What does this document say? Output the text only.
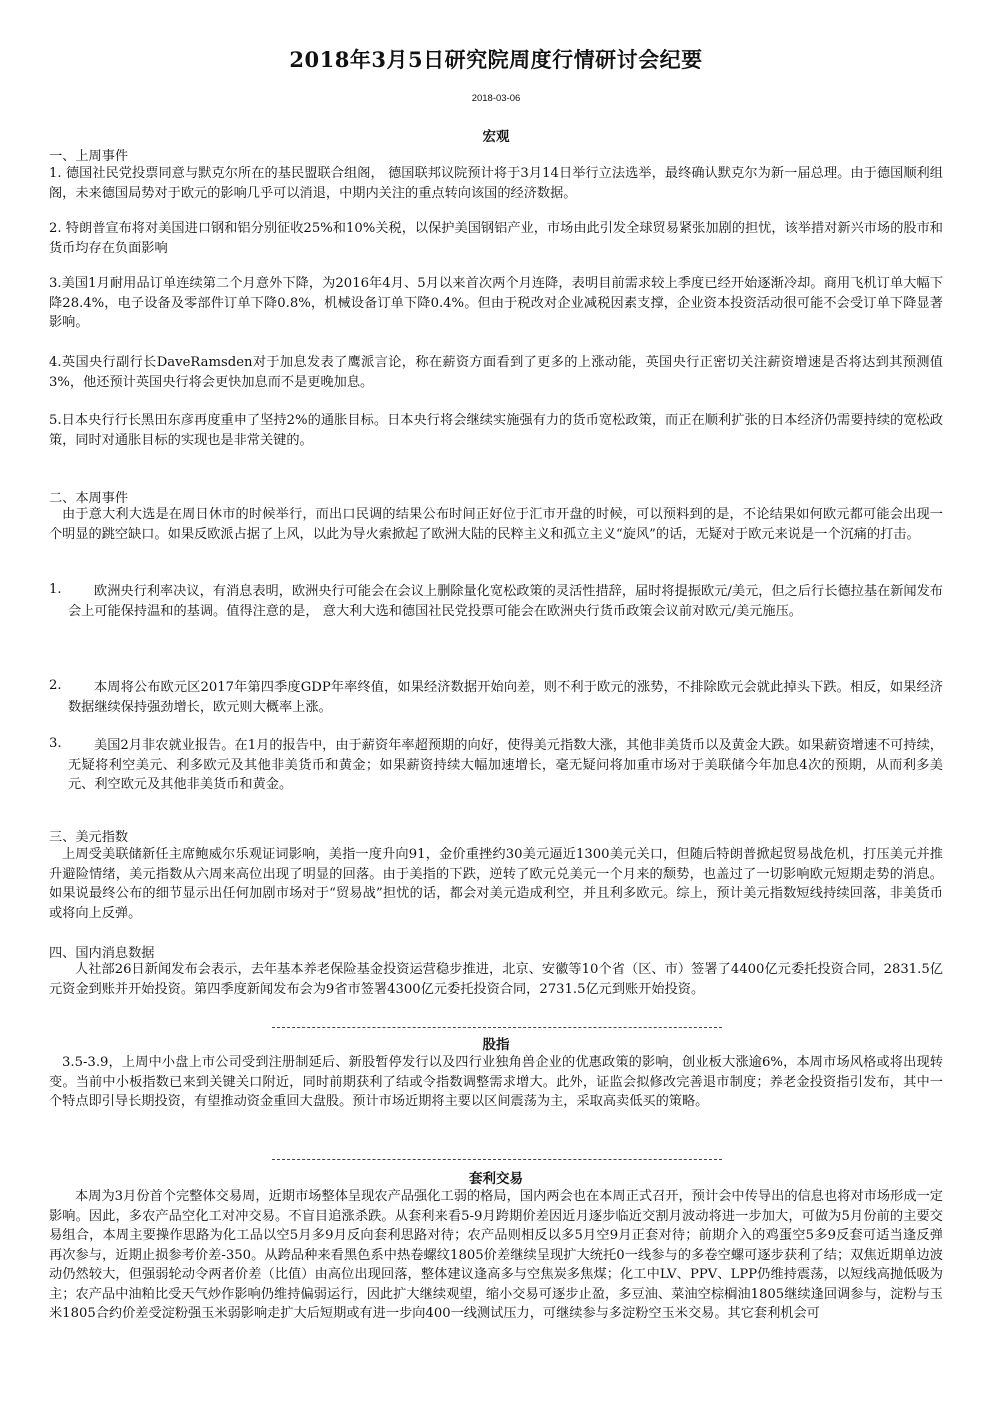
2018年3月5日研究院周度行情研讨会纪要
2018-03-06
宏观
一、上周事件

1. 德国社民党投票同意与默克尔所在的基民盟联合组阁， 德国联邦议院预计将于3月14日举行立法选举，最终确认默克尔为新一届总理。由于德国顺利组阁，未来德国局势对于欧元的影响几乎可以消退，中期内关注的重点转向该国的经济数据。

2. 特朗普宣布将对美国进口钢和铝分别征收25%和10%关税，以保护美国钢铝产业，市场由此引发全球贸易紧张加剧的担忧，该举措对新兴市场的股市和货币均存在负面影响

3.美国1月耐用品订单连续第二个月意外下降，为2016年4月、5月以来首次两个月连降，表明目前需求较上季度已经开始逐渐冷却。商用飞机订单大幅下降28.4%，电子设备及零部件订单下降0.8%，机械设备订单下降0.4%。但由于税改对企业减税因素支撑，企业资本投资活动很可能不会受订单下降显著影响。

4.英国央行副行长DaveRamsden对于加息发表了鹰派言论，称在薪资方面看到了更多的上涨动能，英国央行正密切关注薪资增速是否将达到其预测值3%，他还预计英国央行将会更快加息而不是更晚加息。

5.日本央行行长黑田东彦再度重申了坚持2%的通胀目标。日本央行将会继续实施强有力的货币宽松政策，而正在顺利扩张的日本经济仍需要持续的宽松政策，同时对通胀目标的实现也是非常关键的。

二、本周事件

由于意大利大选是在周日休市的时候举行，而出口民调的结果公布时间正好位于汇市开盘的时候，可以预料到的是，不论结果如何欧元都可能会出现一个明显的跳空缺口。如果反欧派占据了上风，以此为导火索掀起了欧洲大陆的民粹主义和孤立主义“旋风”的话，无疑对于欧元来说是一个沉痛的打击。

1.	欧洲央行利率决议，有消息表明，欧洲央行可能会在会议上删除量化宽松政策的灵活性措辞，届时将提振欧元/美元，但之后行长德拉基在新闻发布会上可能保持温和的基调。值得注意的是， 意大利大选和德国社民党投票可能会在欧洲央行货币政策会议前对欧元/美元施压。

2.	本周将公布欧元区2017年第四季度GDP年率终值，如果经济数据开始向差，则不利于欧元的涨势，不排除欧元会就此掉头下跌。相反，如果经济数据继续保持强劲增长，欧元则大概率上涨。

3.	美国2月非农就业报告。在1月的报告中，由于薪资年率超预期的向好，使得美元指数大涨，其他非美货币以及黄金大跌。如果薪资增速不可持续，无疑将利空美元、利多欧元及其他非美货币和黄金；如果薪资持续大幅加速增长，毫无疑问将加重市场对于美联储今年加息4次的预期，从而利多美元、利空欧元及其他非美货币和黄金。

三、美元指数

上周受美联储新任主席鲍威尔乐观证词影响，美指一度升向91，金价重挫约30美元逼近1300美元关口，但随后特朗普掀起贸易战危机，打压美元并推升避险情绪，美元指数从六周来高位出现了明显的回落。由于美指的下跌，逆转了欧元兑美元一个月来的颓势，也盖过了一切影响欧元短期走势的消息。如果说最终公布的细节显示出任何加剧市场对于“贸易战”担忧的话，都会对美元造成利空，并且利多欧元。综上，预计美元指数短线持续回落，非美货币或将向上反弹。

四、国内消息数据

人社部26日新闻发布会表示，去年基本养老保险基金投资运营稳步推进，北京、安徽等10个省（区、市）签署了4400亿元委托投资合同，2831.5亿元资金到账并开始投资。第四季度新闻发布会为9省市签署4300亿元委托投资合同，2731.5亿元到账开始投资。

股指

3.5-3.9，上周中小盘上市公司受到注册制延后、新股暂停发行以及四行业独角兽企业的优惠政策的影响，创业板大涨逾6%，本周市场风格或将出现转变。当前中小板指数已来到关键关口附近，同时前期获利了结或令指数调整需求增大。此外，证监会拟修改完善退市制度；养老金投资指引发布，其中一个特点即引导长期投资，有望推动资金重回大盘股。预计市场近期将主要以区间震荡为主，采取高卖低买的策略。

套利交易

本周为3月份首个完整体交易周，近期市场整体呈现农产品强化工弱的格局，国内两会也在本周正式召开，预计会中传导出的信息也将对市场形成一定影响。因此，多农产品空化工对冲交易。不盲目追涨杀跌。从套利来看5-9月跨期价差因近月逐步临近交割月波动将进一步加大，可做为5月份前的主要交易组合，本周主要操作思路为化工品以空5月多9月反向套利思路对待；农产品则相反以多5月空9月正套对待；前期介入的鸡蛋空5多9反套可适当逢反弹再次参与，近期止损参考价差-350。从跨品种来看黑色系中热卷螺纹1805价差继续呈现扩大统托0一线参与的多卷空螺可逐步获利了结；双焦近期单边波动仍然较大，但强弱轮动令两者价差（比值）由高位出现回落，整体建议逢高多与空焦炭多焦煤；化工中LV、PPV、LPP仍维持震荡，以短线高抛低吸为主；农产品中油粕比受天气炒作影响仍维持偏弱运行，因此扩大继续观望，缩小交易可逐步止盈，多豆油、菜油空棕榈油1805继续逢回调参与，淀粉与玉米1805合约价差受淀粉强玉米弱影响走扩大后短期或有进一步向400一线测试压力，可继续参与多淀粉空玉米交易。其它套利机会可
